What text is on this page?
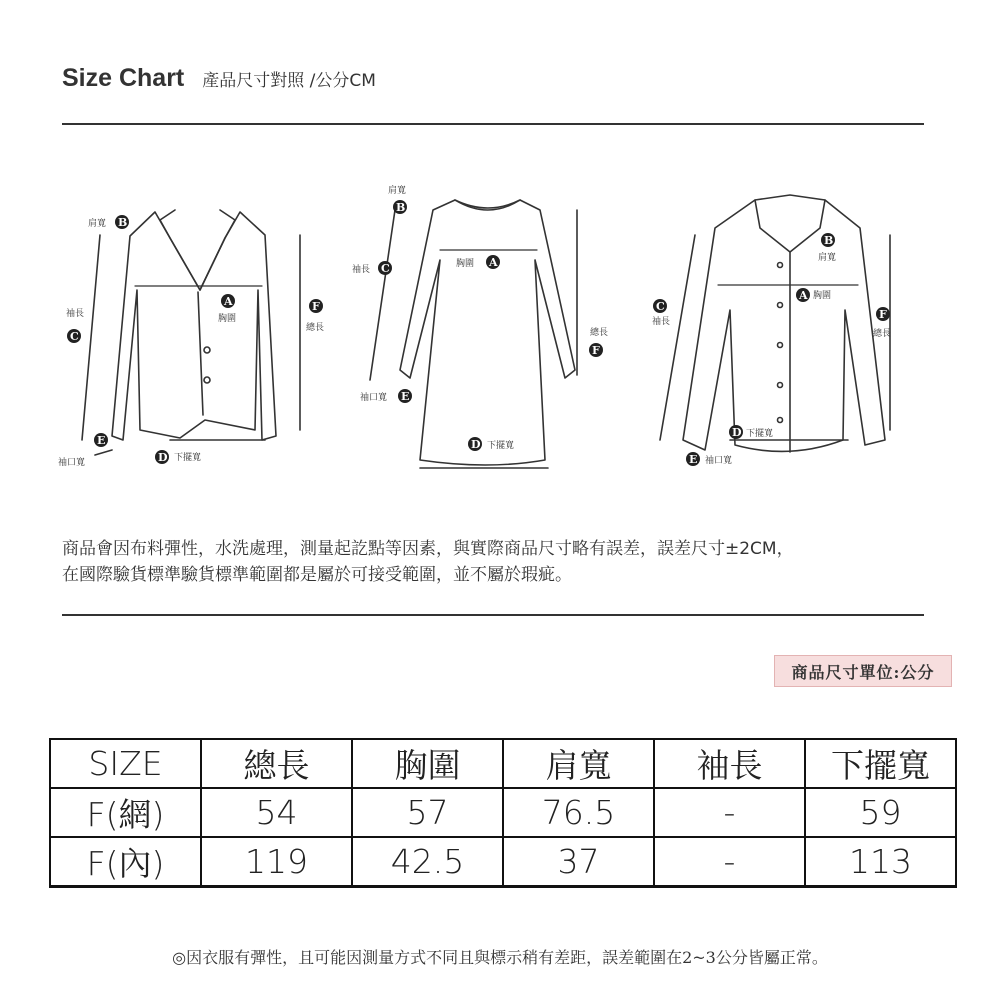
Size Chart 產品尺寸對照 /公分CM
肩寬 B
胸圍
A
袖長
C
F
總長
E
袖口寬	D 下擺寬
肩寬
B
胸圍 A
袖長 C
總長
F
袖口寬 E
D 下擺寬
B
肩寬
A 胸圍
C
袖長
F
總長
D 下擺寬
E 袖口寬
商品會因布料彈性，水洗處理，測量起訖點等因素，與實際商品尺寸略有誤差，誤差尺寸±2CM，
在國際驗貨標準驗貨標準範圍都是屬於可接受範圍，並不屬於瑕疵。
商品尺寸單位:公分
SIZE	總長	胸圍	肩寬	袖長	下擺寬
F(網)	54	57	76.5	-	59
F(內)	119	42.5	37	-	113
◎因衣服有彈性，且可能因測量方式不同且與標示稍有差距，誤差範圍在2~3公分皆屬正常。
